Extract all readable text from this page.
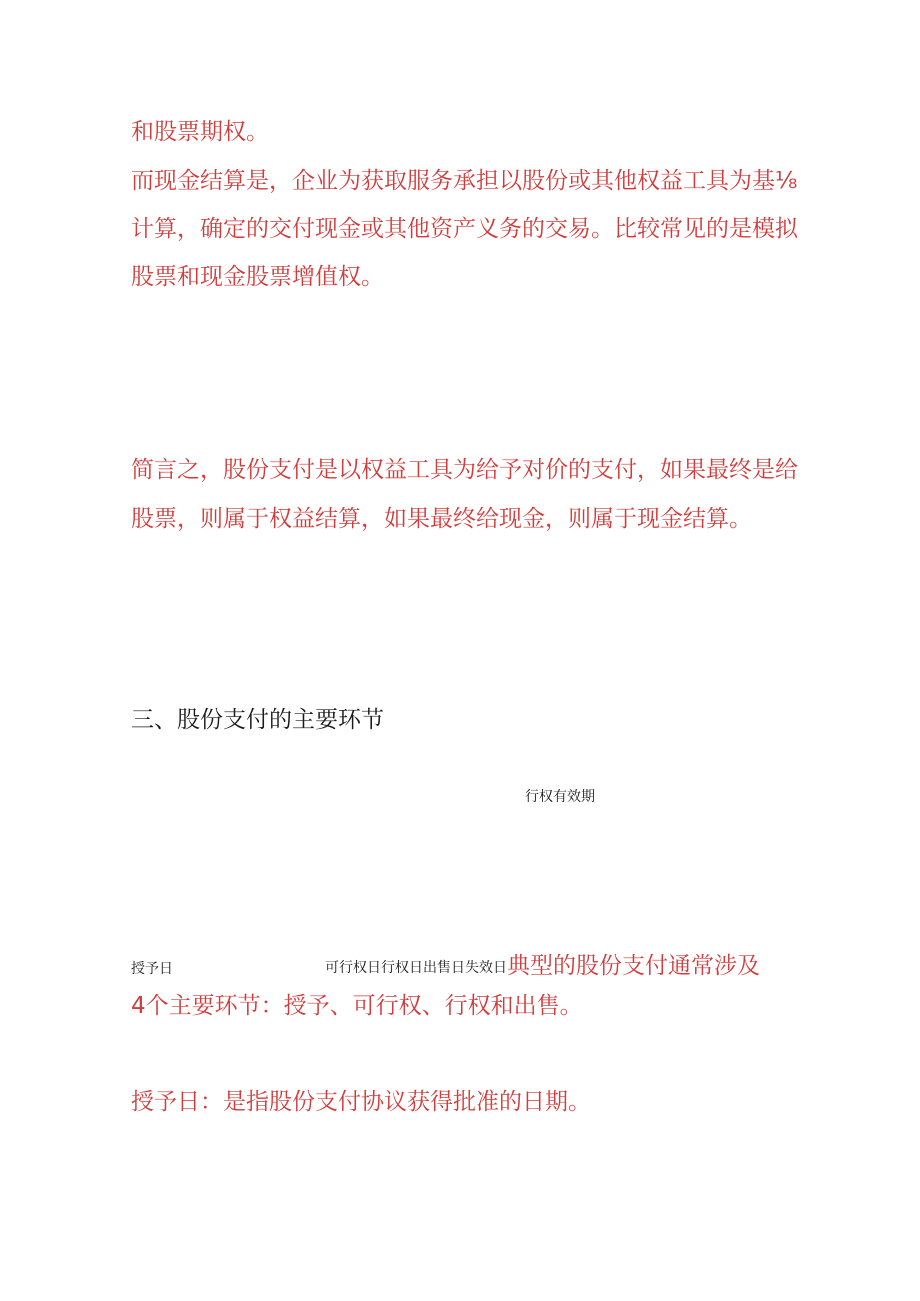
和股票期权。
而现金结算是，企业为获取服务承担以股份或其他权益工具为基⅛
计算，确定的交付现金或其他资产义务的交易。比较常见的是模拟
股票和现金股票增值权。
简言之，股份支付是以权益工具为给予对价的支付，如果最终是给
股票，则属于权益结算，如果最终给现金，则属于现金结算。
三、股份支付的主要环节
行权有效期
授予日	可行权日行权日出售日失效日典型的股份支付通常涉及
4个主要环节：授予、可行权、行权和出售。
授予日：是指股份支付协议获得批准的日期。
